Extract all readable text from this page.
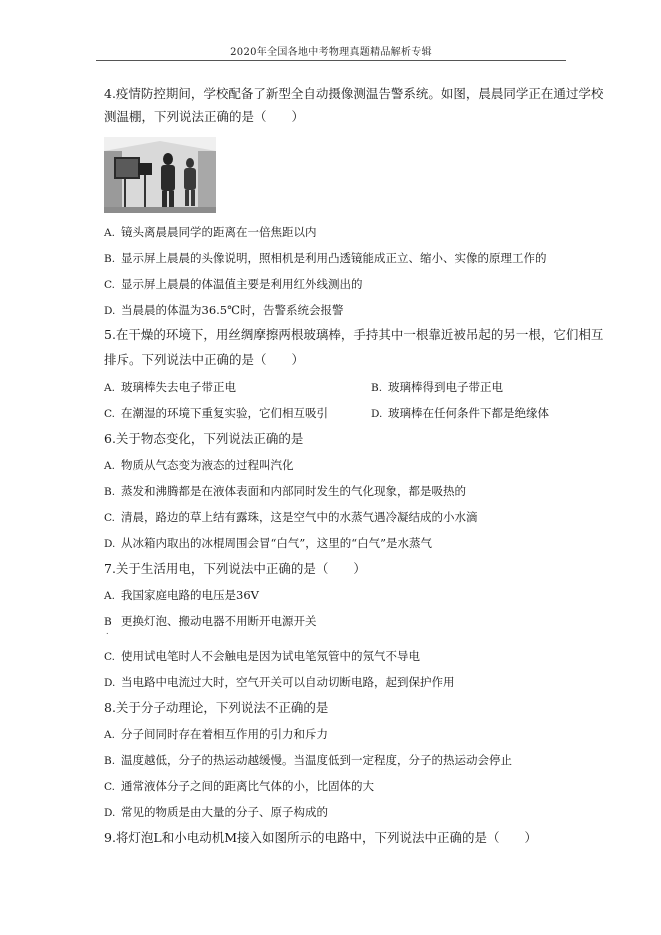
2020年全国各地中考物理真题精品解析专辑
4.疫情防控期间，学校配备了新型全自动摄像测温告警系统。如图，晨晨同学正在通过学校
测温棚，下列说法正确的是（　　）
A. 镜头离晨晨同学的距离在一倍焦距以内
B. 显示屏上晨晨的头像说明，照相机是利用凸透镜能成正立、缩小、实像的原理工作的
C. 显示屏上晨晨的体温值主要是利用红外线测出的
D. 当晨晨的体温为36.5℃时，告警系统会报警
5.在干燥的环境下，用丝绸摩擦两根玻璃棒，手持其中一根靠近被吊起的另一根，它们相互
排斥。下列说法中正确的是（　　）
A. 玻璃棒失去电子带正电	B. 玻璃棒得到电子带正电
C. 在潮湿的环境下重复实验，它们相互吸引	D. 玻璃棒在任何条件下都是绝缘体
6.关于物态变化，下列说法正确的是
A. 物质从气态变为液态的过程叫汽化
B. 蒸发和沸腾都是在液体表面和内部同时发生的气化现象，都是吸热的
C. 清晨，路边的草上结有露珠，这是空气中的水蒸气遇冷凝结成的小水滴
D. 从冰箱内取出的冰棍周围会冒“白气”，这里的“白气”是水蒸气
7.关于生活用电，下列说法中正确的是（　　）
A. 我国家庭电路的电压是36V
B 更换灯泡、搬动电器不用断开电源开关
.
C. 使用试电笔时人不会触电是因为试电笔氖管中的氖气不导电
D. 当电路中电流过大时，空气开关可以自动切断电路，起到保护作用
8.关于分子动理论，下列说法不正确的是
A. 分子间同时存在着相互作用的引力和斥力
B. 温度越低，分子的热运动越缓慢。当温度低到一定程度，分子的热运动会停止
C. 通常液体分子之间的距离比气体的小，比固体的大
D. 常见的物质是由大量的分子、原子构成的
9.将灯泡L和小电动机M接入如图所示的电路中，下列说法中正确的是（　　）
